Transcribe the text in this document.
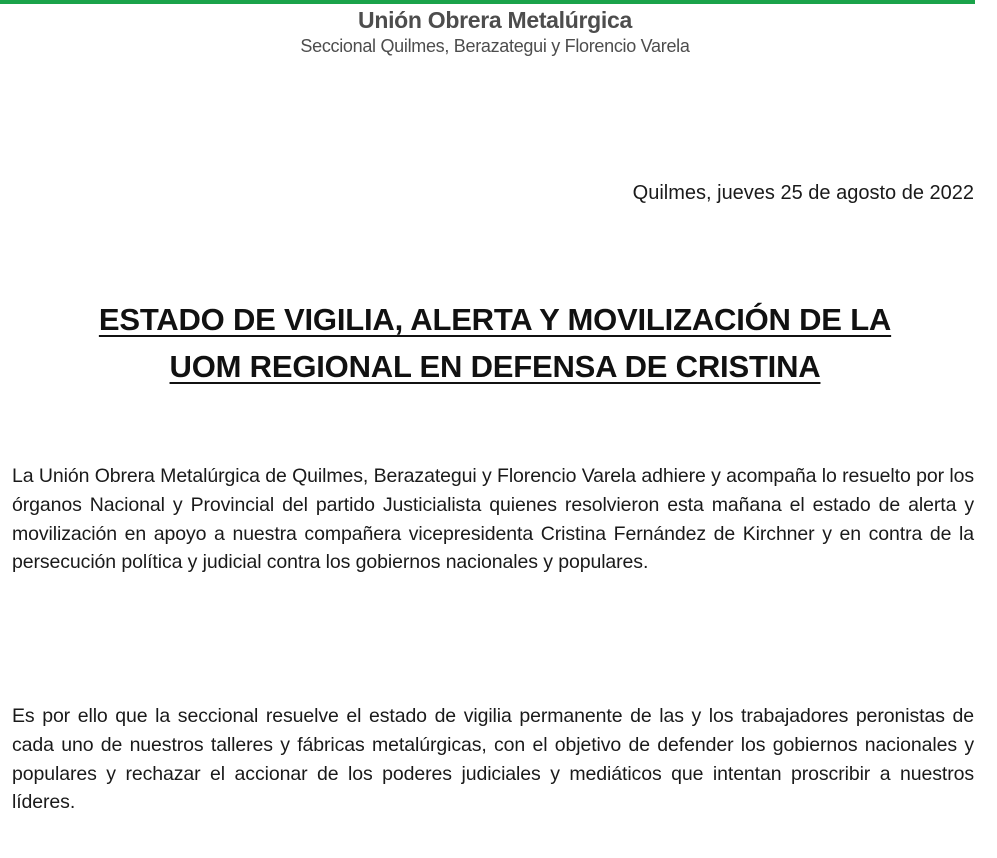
Unión Obrera Metalúrgica
Seccional Quilmes, Berazategui y Florencio Varela
Quilmes, jueves 25 de agosto de 2022
ESTADO DE VIGILIA, ALERTA Y MOVILIZACIÓN DE LA
UOM REGIONAL EN DEFENSA DE CRISTINA

La Unión Obrera Metalúrgica de Quilmes, Berazategui y Florencio Varela adhiere y acompaña lo resuelto por los órganos Nacional y Provincial del partido Justicialista quienes resolvieron esta mañana el estado de alerta y movilización en apoyo a nuestra compañera vicepresidenta Cristina Fernández de Kirchner y en contra de la persecución política y judicial contra los gobiernos nacionales y populares.

Es por ello que la seccional resuelve el estado de vigilia permanente de las y los trabajadores peronistas de cada uno de nuestros talleres y fábricas metalúrgicas, con el objetivo de defender los gobiernos nacionales y populares y rechazar el accionar de los poderes judiciales y mediáticos que intentan proscribir a nuestros líderes.
